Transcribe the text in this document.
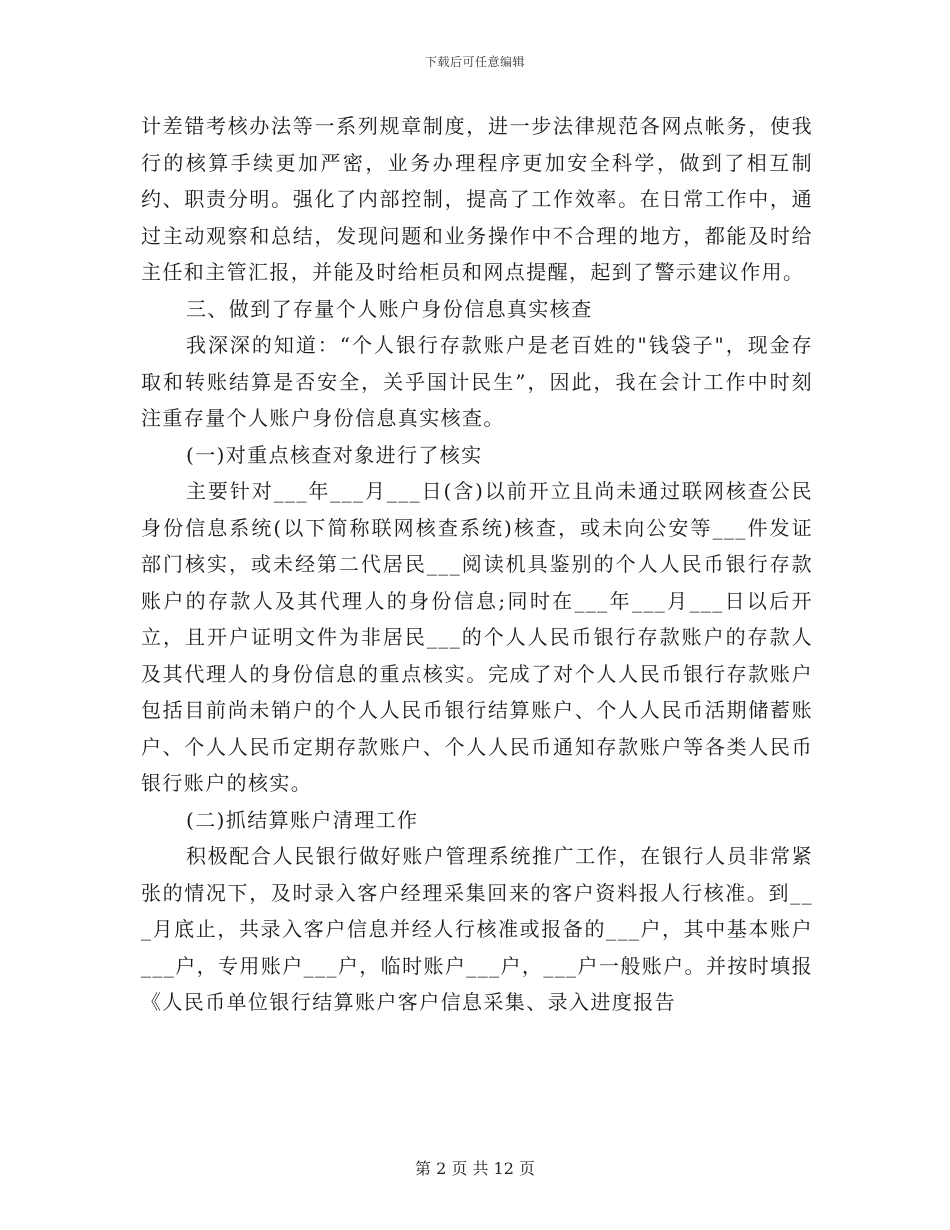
下载后可任意编辑

计差错考核办法等一系列规章制度，进一步法律规范各网点帐务，使我行的核算手续更加严密，业务办理程序更加安全科学，做到了相互制约、职责分明。强化了内部控制，提高了工作效率。在日常工作中，通过主动观察和总结，发现问题和业务操作中不合理的地方，都能及时给主任和主管汇报，并能及时给柜员和网点提醒，起到了警示建议作用。

三、做到了存量个人账户身份信息真实核查

我深深的知道：“个人银行存款账户是老百姓的"钱袋子"，现金存取和转账结算是否安全，关乎国计民生”，因此，我在会计工作中时刻注重存量个人账户身份信息真实核查。

(一)对重点核查对象进行了核实

主要针对___年___月___日(含)以前开立且尚未通过联网核查公民身份信息系统(以下简称联网核查系统)核查，或未向公安等___件发证部门核实，或未经第二代居民___阅读机具鉴别的个人人民币银行存款账户的存款人及其代理人的身份信息;同时在___年___月___日以后开立，且开户证明文件为非居民___的个人人民币银行存款账户的存款人及其代理人的身份信息的重点核实。完成了对个人人民币银行存款账户包括目前尚未销户的个人人民币银行结算账户、个人人民币活期储蓄账户、个人人民币定期存款账户、个人人民币通知存款账户等各类人民币银行账户的核实。

(二)抓结算账户清理工作

积极配合人民银行做好账户管理系统推广工作，在银行人员非常紧张的情况下，及时录入客户经理采集回来的客户资料报人行核准。到___月底止，共录入客户信息并经人行核准或报备的___户，其中基本账户___户，专用账户___户，临时账户___户，___户一般账户。并按时填报《人民币单位银行结算账户客户信息采集、录入进度报告

第 2 页 共 12 页
